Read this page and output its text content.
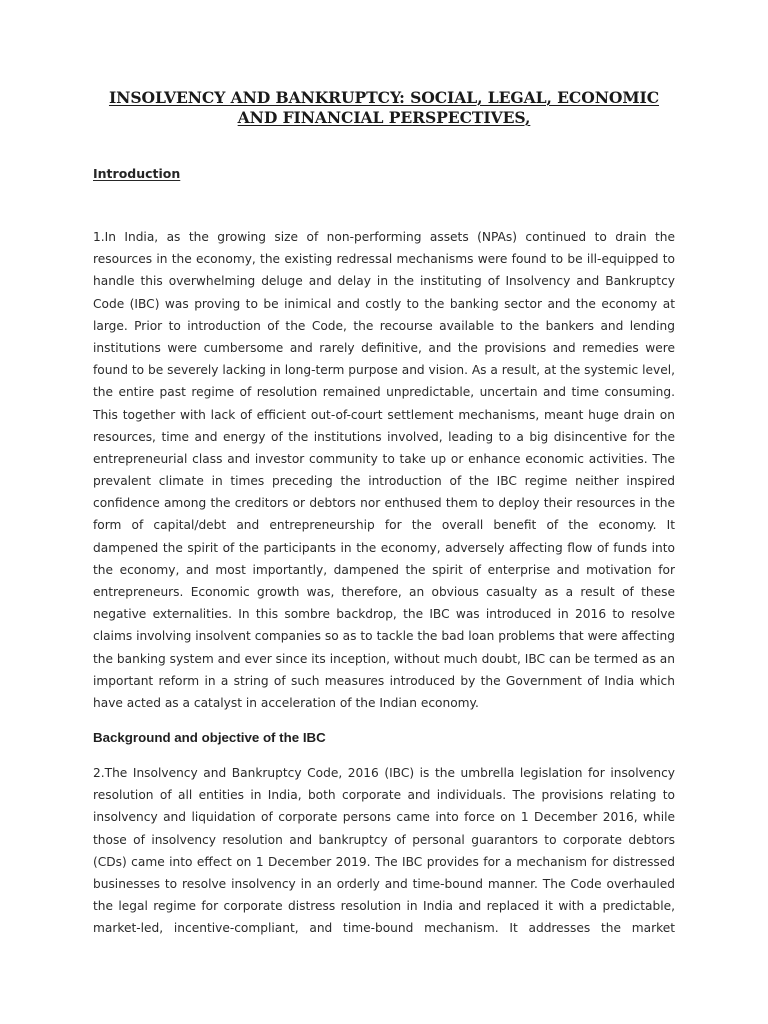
INSOLVENCY AND BANKRUPTCY: SOCIAL, LEGAL, ECONOMIC
AND FINANCIAL PERSPECTIVES,
Introduction
1.In India, as the growing size of non-performing assets (NPAs) continued to drain the
resources in the economy, the existing redressal mechanisms were found to be ill-equipped to
handle this overwhelming deluge and delay in the instituting of Insolvency and Bankruptcy
Code (IBC) was proving to be inimical and costly to the banking sector and the economy at
large. Prior to introduction of the Code, the recourse available to the bankers and lending
institutions were cumbersome and rarely definitive, and the provisions and remedies were
found to be severely lacking in long-term purpose and vision. As a result, at the systemic level,
the entire past regime of resolution remained unpredictable, uncertain and time consuming.
This together with lack of efficient out-of-court settlement mechanisms, meant huge drain on
resources, time and energy of the institutions involved, leading to a big disincentive for the
entrepreneurial class and investor community to take up or enhance economic activities. The
prevalent climate in times preceding the introduction of the IBC regime neither inspired
confidence among the creditors or debtors nor enthused them to deploy their resources in the
form of capital/debt and entrepreneurship for the overall benefit of the economy. It
dampened the spirit of the participants in the economy, adversely affecting flow of funds into
the economy, and most importantly, dampened the spirit of enterprise and motivation for
entrepreneurs. Economic growth was, therefore, an obvious casualty as a result of these
negative externalities. In this sombre backdrop, the IBC was introduced in 2016 to resolve
claims involving insolvent companies so as to tackle the bad loan problems that were affecting
the banking system and ever since its inception, without much doubt, IBC can be termed as an
important reform in a string of such measures introduced by the Government of India which
have acted as a catalyst in acceleration of the Indian economy.
Background and objective of the IBC
2.The Insolvency and Bankruptcy Code, 2016 (IBC) is the umbrella legislation for insolvency
resolution of all entities in India, both corporate and individuals. The provisions relating to
insolvency and liquidation of corporate persons came into force on 1 December 2016, while
those of insolvency resolution and bankruptcy of personal guarantors to corporate debtors
(CDs) came into effect on 1 December 2019. The IBC provides for a mechanism for distressed
businesses to resolve insolvency in an orderly and time-bound manner. The Code overhauled
the legal regime for corporate distress resolution in India and replaced it with a predictable,
market-led, incentive-compliant, and time-bound mechanism. It addresses the market
